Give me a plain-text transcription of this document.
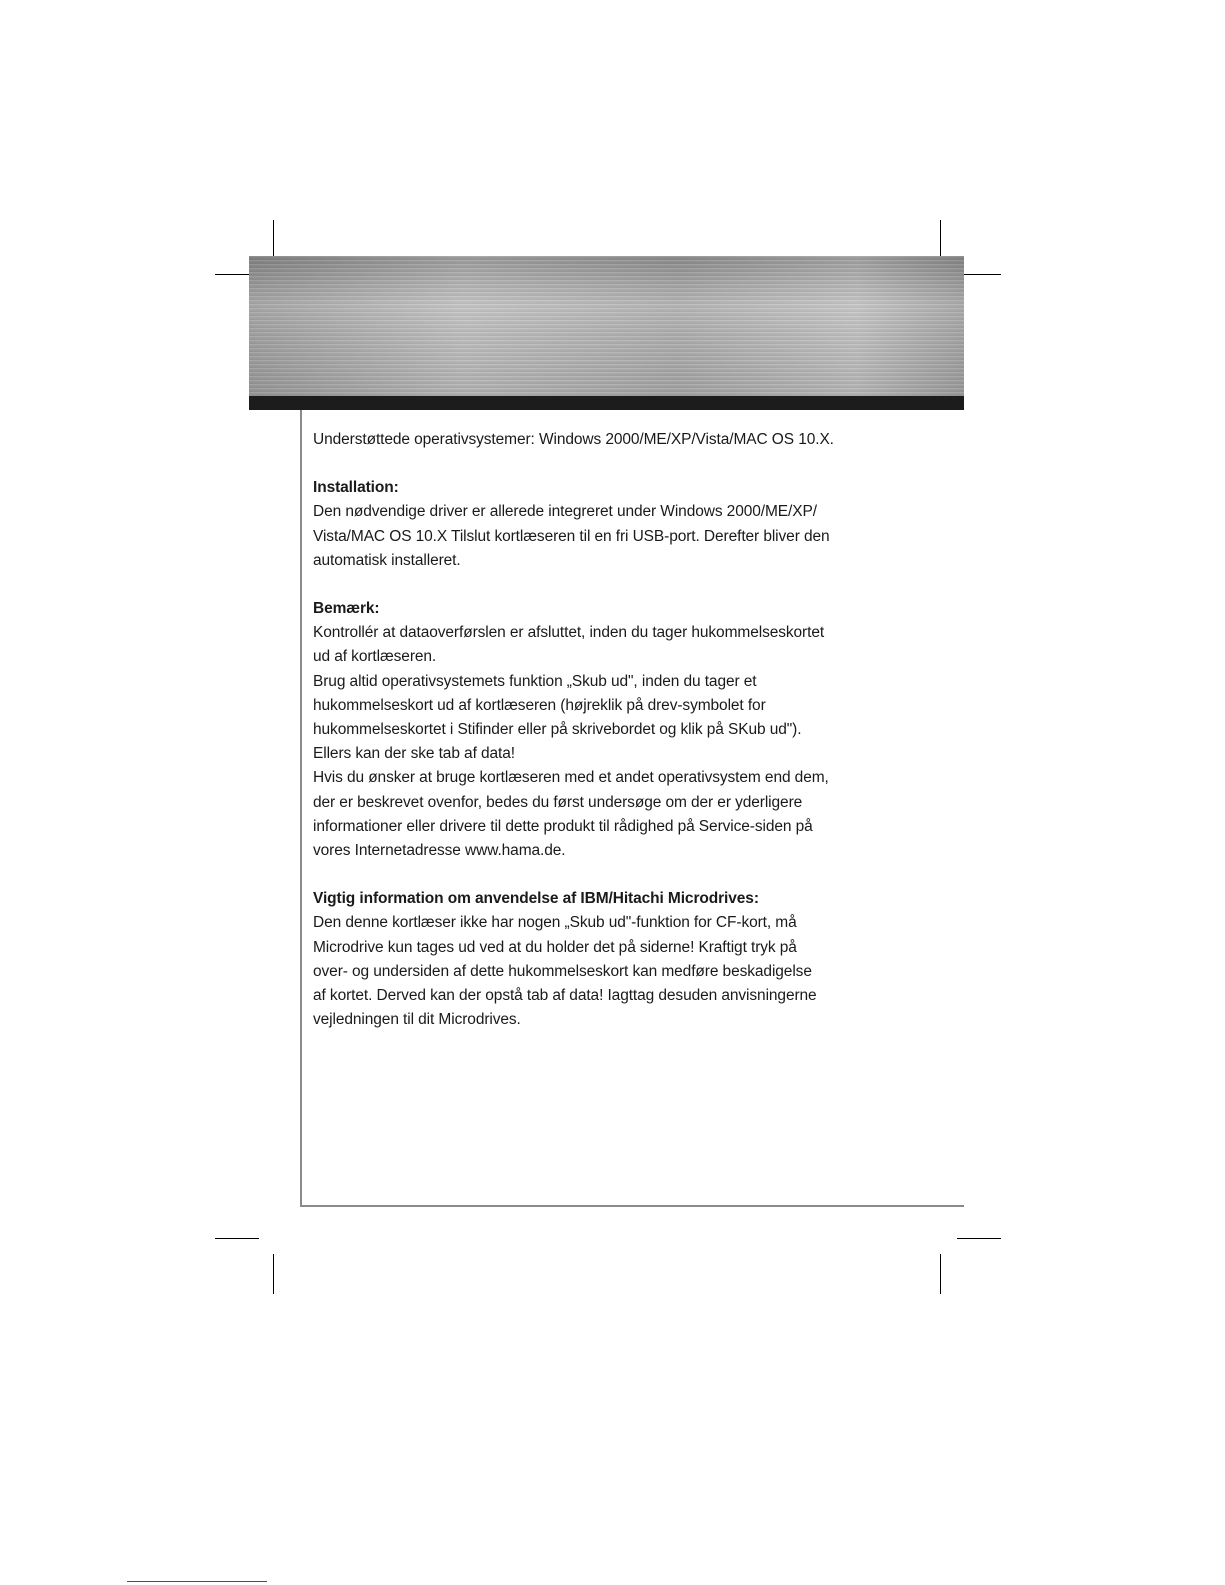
Understøttede operativsystemer: Windows 2000/ME/XP/Vista/MAC OS 10.X.

Installation:

Den nødvendige driver er allerede integreret under Windows 2000/ME/XP/

Vista/MAC OS 10.X Tilslut kortlæseren til en fri USB-port. Derefter bliver den

automatisk installeret.

Bemærk:

Kontrollér at dataoverførslen er afsluttet, inden du tager hukommelseskortet

ud af kortlæseren.

Brug altid operativsystemets funktion „Skub ud", inden du tager et

hukommelseskort ud af kortlæseren (højreklik på drev-symbolet for

hukommelseskortet i Stifinder eller på skrivebordet og klik på SKub ud").

Ellers kan der ske tab af data!

Hvis du ønsker at bruge kortlæseren med et andet operativsystem end dem,

der er beskrevet ovenfor, bedes du først undersøge om der er yderligere

informationer eller drivere til dette produkt til rådighed på Service-siden på

vores Internetadresse www.hama.de.

Vigtig information om anvendelse af IBM/Hitachi Microdrives:

Den denne kortlæser ikke har nogen „Skub ud"-funktion for CF-kort, må

Microdrive kun tages ud ved at du holder det på siderne! Kraftigt tryk på

over- og undersiden af dette hukommelseskort kan medføre beskadigelse

af kortet. Derved kan der opstå tab af data! Iagttag desuden anvisningerne

vejledningen til dit Microdrives.
